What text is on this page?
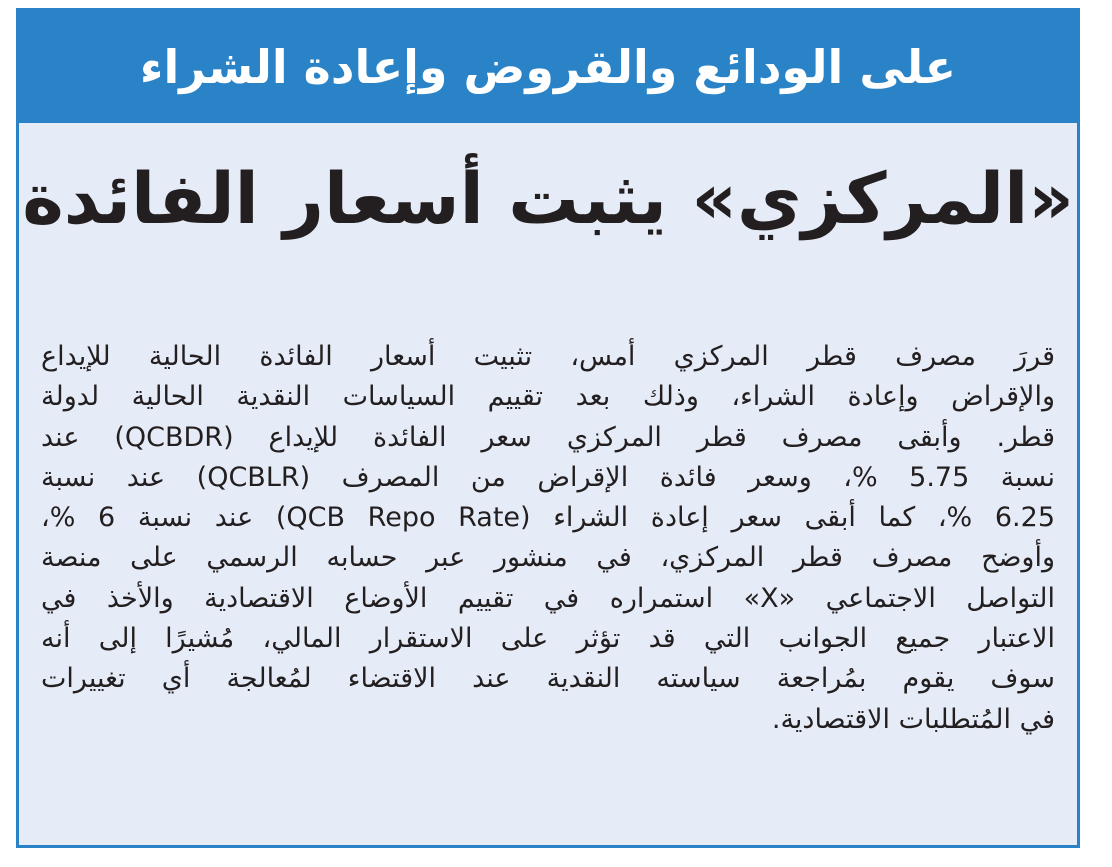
على الودائع والقروض وإعادة الشراء
«المركزي» يثبت أسعار الفائدة
قررَ مصرف قطر المركزي أمس، تثبيت أسعار الفائدة الحالية للإيداع
والإقراض وإعادة الشراء، وذلك بعد تقييم السياسات النقدية الحالية لدولة
قطر. وأبقى مصرف قطر المركزي سعر الفائدة للإيداع (QCBDR) عند
نسبة 5.75 %، وسعر فائدة الإقراض من المصرف (QCBLR) عند نسبة
6.25 %، كما أبقى سعر إعادة الشراء (QCB Repo Rate) عند نسبة 6 %،
وأوضح مصرف قطر المركزي، في منشور عبر حسابه الرسمي على منصة
التواصل الاجتماعي «X» استمراره في تقييم الأوضاع الاقتصادية والأخذ في
الاعتبار جميع الجوانب التي قد تؤثر على الاستقرار المالي، مُشيرًا إلى أنه
سوف يقوم بمُراجعة سياسته النقدية عند الاقتضاء لمُعالجة أي تغييرات
في المُتطلبات الاقتصادية.
